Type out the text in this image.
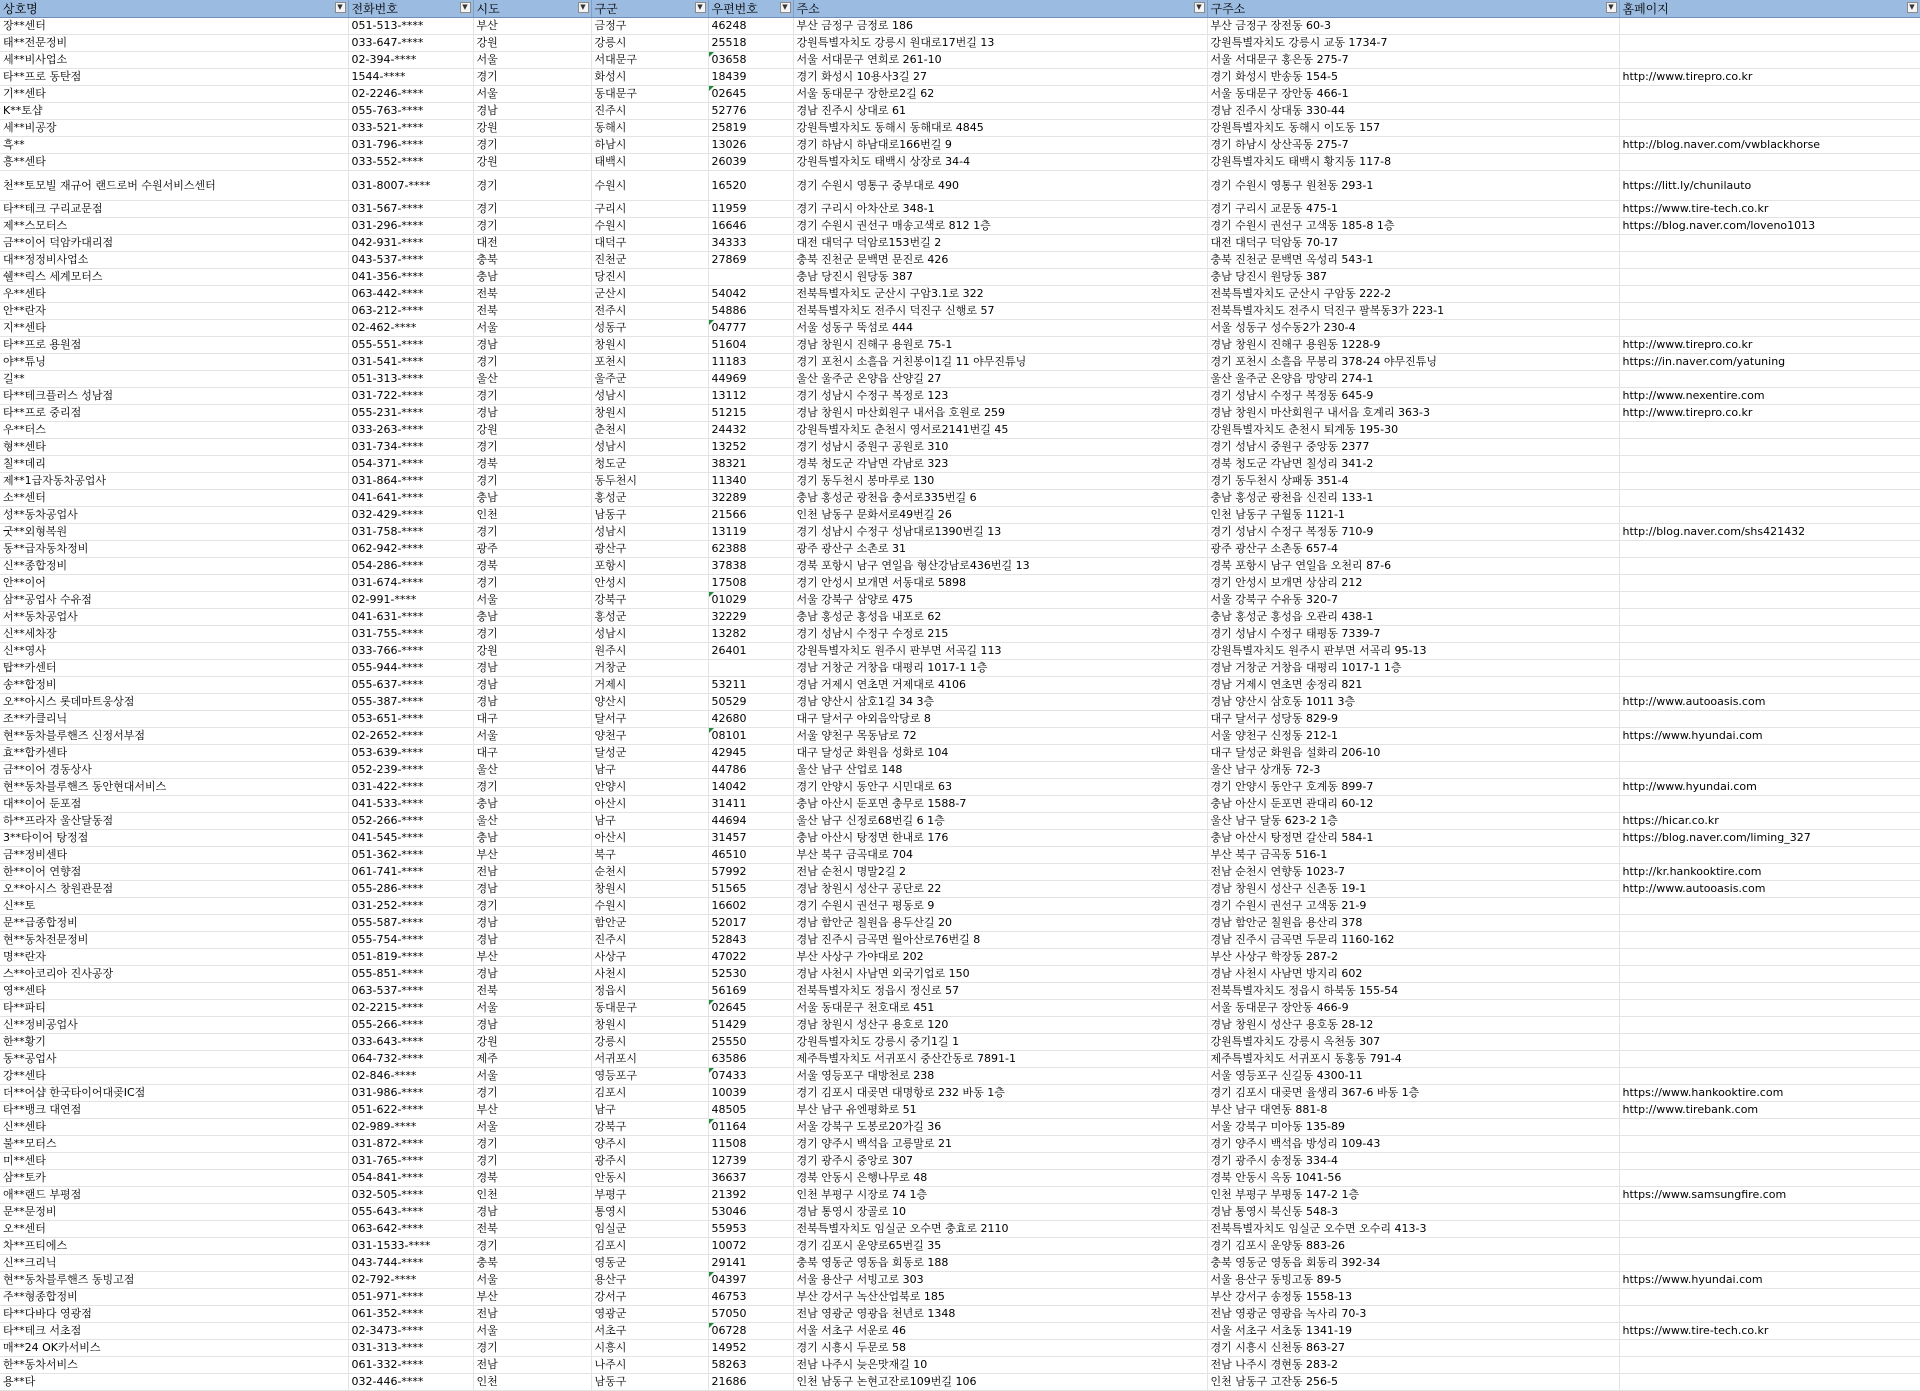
상호명 ▼	전화번호 ▼	시도 ▼	구군 ▼	우편번호 ▼	주소 ▼	구주소 ▼	홈페이지 ▼

장**센터	051-513-****	부산	금정구	46248	부산 금정구 금정로 186	부산 금정구 장전동 60-3	
태**전문정비	033-647-****	강원	강릉시	25518	강원특별자치도 강릉시 원대로17번길 13	강원특별자치도 강릉시 교동 1734-7	
세**비사업소	02-394-****	서울	서대문구	03658	서울 서대문구 연희로 261-10	서울 서대문구 홍은동 275-7	
타**프로 동탄점	1544-****	경기	화성시	18439	경기 화성시 10용사3길 27	경기 화성시 반송동 154-5	http://www.tirepro.co.kr
기**센타	02-2246-****	서울	동대문구	02645	서울 동대문구 장한로2길 62	서울 동대문구 장안동 466-1	
K**토샵	055-763-****	경남	진주시	52776	경남 진주시 상대로 61	경남 진주시 상대동 330-44	
세**비공장	033-521-****	강원	동해시	25819	강원특별자치도 동해시 동해대로 4845	강원특별자치도 동해시 이도동 157	
흑**	031-796-****	경기	하남시	13026	경기 하남시 하남대로166번길 9	경기 하남시 상산곡동 275-7	http://blog.naver.com/vwblackhorse
흥**센타	033-552-****	강원	태백시	26039	강원특별자치도 태백시 상장로 34-4	강원특별자치도 태백시 황지동 117-8	
천**토모빌 재규어 랜드로버 수원서비스센터	031-8007-****	경기	수원시	16520	경기 수원시 영통구 중부대로 490	경기 수원시 영통구 원천동 293-1	https://litt.ly/chunilauto
타**테크 구리교문점	031-567-****	경기	구리시	11959	경기 구리시 아차산로 348-1	경기 구리시 교문동 475-1	https://www.tire-tech.co.kr
제**스모터스	031-296-****	경기	수원시	16646	경기 수원시 권선구 매송고색로 812 1층	경기 수원시 권선구 고색동 185-8 1층	https://blog.naver.com/loveno1013
금**이어 덕암카대리점	042-931-****	대전	대덕구	34333	대전 대덕구 덕암로153번길 2	대전 대덕구 덕암동 70-17	
대**정정비사업소	043-537-****	충북	진천군	27869	충북 진천군 문백면 문진로 426	충북 진천군 문백면 옥성리 543-1	
쉘**릭스 세계모터스	041-356-****	충남	당진시		충남 당진시 원당동 387	충남 당진시 원당동 387	
우**센타	063-442-****	전북	군산시	54042	전북특별자치도 군산시 구암3.1로 322	전북특별자치도 군산시 구암동 222-2	
안**란자	063-212-****	전북	전주시	54886	전북특별자치도 전주시 덕진구 신행로 57	전북특별자치도 전주시 덕진구 팔복동3가 223-1	
지**센타	02-462-****	서울	성동구	04777	서울 성동구 뚝섬로 444	서울 성동구 성수동2가 230-4	
타**프로 용원점	055-551-****	경남	창원시	51604	경남 창원시 진해구 용원로 75-1	경남 창원시 진해구 용원동 1228-9	http://www.tirepro.co.kr
야**튜닝	031-541-****	경기	포천시	11183	경기 포천시 소흘읍 거친봉이1길 11 야무진튜닝	경기 포천시 소흘읍 무봉리 378-24 야무진튜닝	https://in.naver.com/yatuning
길**	051-313-****	울산	울주군	44969	울산 울주군 온양읍 산양길 27	울산 울주군 온양읍 망양리 274-1	
타**테크플러스 성남점	031-722-****	경기	성남시	13112	경기 성남시 수정구 복정로 123	경기 성남시 수정구 복정동 645-9	http://www.nexentire.com
타**프로 중리점	055-231-****	경남	창원시	51215	경남 창원시 마산회원구 내서읍 호원로 259	경남 창원시 마산회원구 내서읍 호계리 363-3	http://www.tirepro.co.kr
우**터스	033-263-****	강원	춘천시	24432	강원특별자치도 춘천시 영서로2141번길 45	강원특별자치도 춘천시 퇴계동 195-30	
형**센타	031-734-****	경기	성남시	13252	경기 성남시 중원구 공원로 310	경기 성남시 중원구 중앙동 2377	
칠**데리	054-371-****	경북	청도군	38321	경북 청도군 각남면 각남로 323	경북 청도군 각남면 칠성리 341-2	
제**1급자동차공업사	031-864-****	경기	동두천시	11340	경기 동두천시 봉마루로 130	경기 동두천시 상패동 351-4	
소**센터	041-641-****	충남	홍성군	32289	충남 홍성군 광천읍 충서로335번길 6	충남 홍성군 광천읍 신진리 133-1	
성**동차공업사	032-429-****	인천	남동구	21566	인천 남동구 문화서로49번길 26	인천 남동구 구월동 1121-1	
굿**외형복원	031-758-****	경기	성남시	13119	경기 성남시 수정구 성남대로1390번길 13	경기 성남시 수정구 복정동 710-9	http://blog.naver.com/shs421432
동**급자동차정비	062-942-****	광주	광산구	62388	광주 광산구 소촌로 31	광주 광산구 소촌동 657-4	
신**종합정비	054-286-****	경북	포항시	37838	경북 포항시 남구 연일읍 형산강남로436번길 13	경북 포항시 남구 연일읍 오천리 87-6	
안**이어	031-674-****	경기	안성시	17508	경기 안성시 보개면 서동대로 5898	경기 안성시 보개면 상삼리 212	
삼**공업사 수유점	02-991-****	서울	강북구	01029	서울 강북구 삼양로 475	서울 강북구 수유동 320-7	
서**동차공업사	041-631-****	충남	홍성군	32229	충남 홍성군 홍성읍 내포로 62	충남 홍성군 홍성읍 오관리 438-1	
신**세차장	031-755-****	경기	성남시	13282	경기 성남시 수정구 수정로 215	경기 성남시 수정구 태평동 7339-7	
신**영사	033-766-****	강원	원주시	26401	강원특별자치도 원주시 판부면 서곡길 113	강원특별자치도 원주시 판부면 서곡리 95-13	
탑**카센터	055-944-****	경남	거창군		경남 거창군 거창읍 대평리 1017-1 1층	경남 거창군 거창읍 대평리 1017-1 1층	
송**합정비	055-637-****	경남	거제시	53211	경남 거제시 연초면 거제대로 4106	경남 거제시 연초면 송정리 821	
오**아시스 롯데마트웅상점	055-387-****	경남	양산시	50529	경남 양산시 삼호1길 34 3층	경남 양산시 삼호동 1011 3층	http://www.autooasis.com
조**카클리닉	053-651-****	대구	달서구	42680	대구 달서구 야외음악당로 8	대구 달서구 성당동 829-9	
현**동차블루핸즈 신정서부점	02-2652-****	서울	양천구	08101	서울 양천구 목동남로 72	서울 양천구 신정동 212-1	https://www.hyundai.com
효**합카센타	053-639-****	대구	달성군	42945	대구 달성군 화원읍 성화로 104	대구 달성군 화원읍 설화리 206-10	
금**이어 경동상사	052-239-****	울산	남구	44786	울산 남구 산업로 148	울산 남구 상개동 72-3	
현**동차블루핸즈 동안현대서비스	031-422-****	경기	안양시	14042	경기 안양시 동안구 시민대로 63	경기 안양시 동안구 호계동 899-7	http://www.hyundai.com
대**이어 둔포점	041-533-****	충남	아산시	31411	충남 아산시 둔포면 충무로 1588-7	충남 아산시 둔포면 관대리 60-12	
하**프라자 울산달동점	052-266-****	울산	남구	44694	울산 남구 신정로68번길 6 1층	울산 남구 달동 623-2 1층	https://hicar.co.kr
3**타이어 탕정점	041-545-****	충남	아산시	31457	충남 아산시 탕정면 한내로 176	충남 아산시 탕정면 갈산리 584-1	https://blog.naver.com/liming_327
금**정비센타	051-362-****	부산	북구	46510	부산 북구 금곡대로 704	부산 북구 금곡동 516-1	
한**이어 연향점	061-741-****	전남	순천시	57992	전남 순천시 명말2길 2	전남 순천시 연향동 1023-7	http://kr.hankooktire.com
오**아시스 창원관문점	055-286-****	경남	창원시	51565	경남 창원시 성산구 공단로 22	경남 창원시 성산구 신촌동 19-1	http://www.autooasis.com
신**토	031-252-****	경기	수원시	16602	경기 수원시 권선구 평동로 9	경기 수원시 권선구 고색동 21-9	
문**급종합정비	055-587-****	경남	함안군	52017	경남 함안군 칠원읍 용두산길 20	경남 함안군 칠원읍 용산리 378	
현**동차전문정비	055-754-****	경남	진주시	52843	경남 진주시 금곡면 월아산로76번길 8	경남 진주시 금곡면 두문리 1160-162	
명**란자	051-819-****	부산	사상구	47022	부산 사상구 가야대로 202	부산 사상구 학장동 287-2	
스**아코리아 진사공장	055-851-****	경남	사천시	52530	경남 사천시 사남면 외국기업로 150	경남 사천시 사남면 방지리 602	
영**센타	063-537-****	전북	정읍시	56169	전북특별자치도 정읍시 정신로 57	전북특별자치도 정읍시 하북동 155-54	
타**파티	02-2215-****	서울	동대문구	02645	서울 동대문구 천호대로 451	서울 동대문구 장안동 466-9	
신**정비공업사	055-266-****	경남	창원시	51429	경남 창원시 성산구 용호로 120	경남 창원시 성산구 용호동 28-12	
한**황기	033-643-****	강원	강릉시	25550	강원특별자치도 강릉시 중기1길 1	강원특별자치도 강릉시 옥천동 307	
동**공업사	064-732-****	제주	서귀포시	63586	제주특별자치도 서귀포시 중산간동로 7891-1	제주특별자치도 서귀포시 동홍동 791-4	
강**센타	02-846-****	서울	영등포구	07433	서울 영등포구 대방천로 238	서울 영등포구 신길동 4300-11	
더**어샵 한국타이어대곶IC점	031-986-****	경기	김포시	10039	경기 김포시 대곶면 대명항로 232 바동 1층	경기 김포시 대곶면 율생리 367-6 바동 1층	https://www.hankooktire.com
타**뱅크 대연점	051-622-****	부산	남구	48505	부산 남구 유엔평화로 51	부산 남구 대연동 881-8	http://www.tirebank.com
신**센타	02-989-****	서울	강북구	01164	서울 강북구 도봉로20가길 36	서울 강북구 미아동 135-89	
불**모터스	031-872-****	경기	양주시	11508	경기 양주시 백석읍 고릉말로 21	경기 양주시 백석읍 방성리 109-43	
미**센타	031-765-****	경기	광주시	12739	경기 광주시 중앙로 307	경기 광주시 송정동 334-4	
삼**토카	054-841-****	경북	안동시	36637	경북 안동시 은행나무로 48	경북 안동시 옥동 1041-56	
애**랜드 부평점	032-505-****	인천	부평구	21392	인천 부평구 시장로 74 1층	인천 부평구 부평동 147-2 1층	https://www.samsungfire.com
문**문정비	055-643-****	경남	통영시	53046	경남 통영시 장골로 10	경남 통영시 북신동 548-3	
오**센터	063-642-****	전북	임실군	55953	전북특별자치도 임실군 오수면 충효로 2110	전북특별자치도 임실군 오수면 오수리 413-3	
차**프티에스	031-1533-****	경기	김포시	10072	경기 김포시 운양로65번길 35	경기 김포시 운양동 883-26	
신**크리닉	043-744-****	충북	영동군	29141	충북 영동군 영동읍 회동로 188	충북 영동군 영동읍 회동리 392-34	
현**동차블루핸즈 동빙고점	02-792-****	서울	용산구	04397	서울 용산구 서빙고로 303	서울 용산구 동빙고동 89-5	https://www.hyundai.com
주**형종합정비	051-971-****	부산	강서구	46753	부산 강서구 녹산산업북로 185	부산 강서구 송정동 1558-13	
타**다바다 영광점	061-352-****	전남	영광군	57050	전남 영광군 영광읍 천년로 1348	전남 영광군 영광읍 녹사리 70-3	
타**테크 서초점	02-3473-****	서울	서초구	06728	서울 서초구 서운로 46	서울 서초구 서초동 1341-19	https://www.tire-tech.co.kr
매**24 OK카서비스	031-313-****	경기	시흥시	14952	경기 시흥시 두문로 58	경기 시흥시 신천동 863-27	
한**동차서비스	061-332-****	전남	나주시	58263	전남 나주시 늦은맛재길 10	전남 나주시 경현동 283-2	
용**타	032-446-****	인천	남동구	21686	인천 남동구 논현고잔로109번길 106	인천 남동구 고잔동 256-5	
